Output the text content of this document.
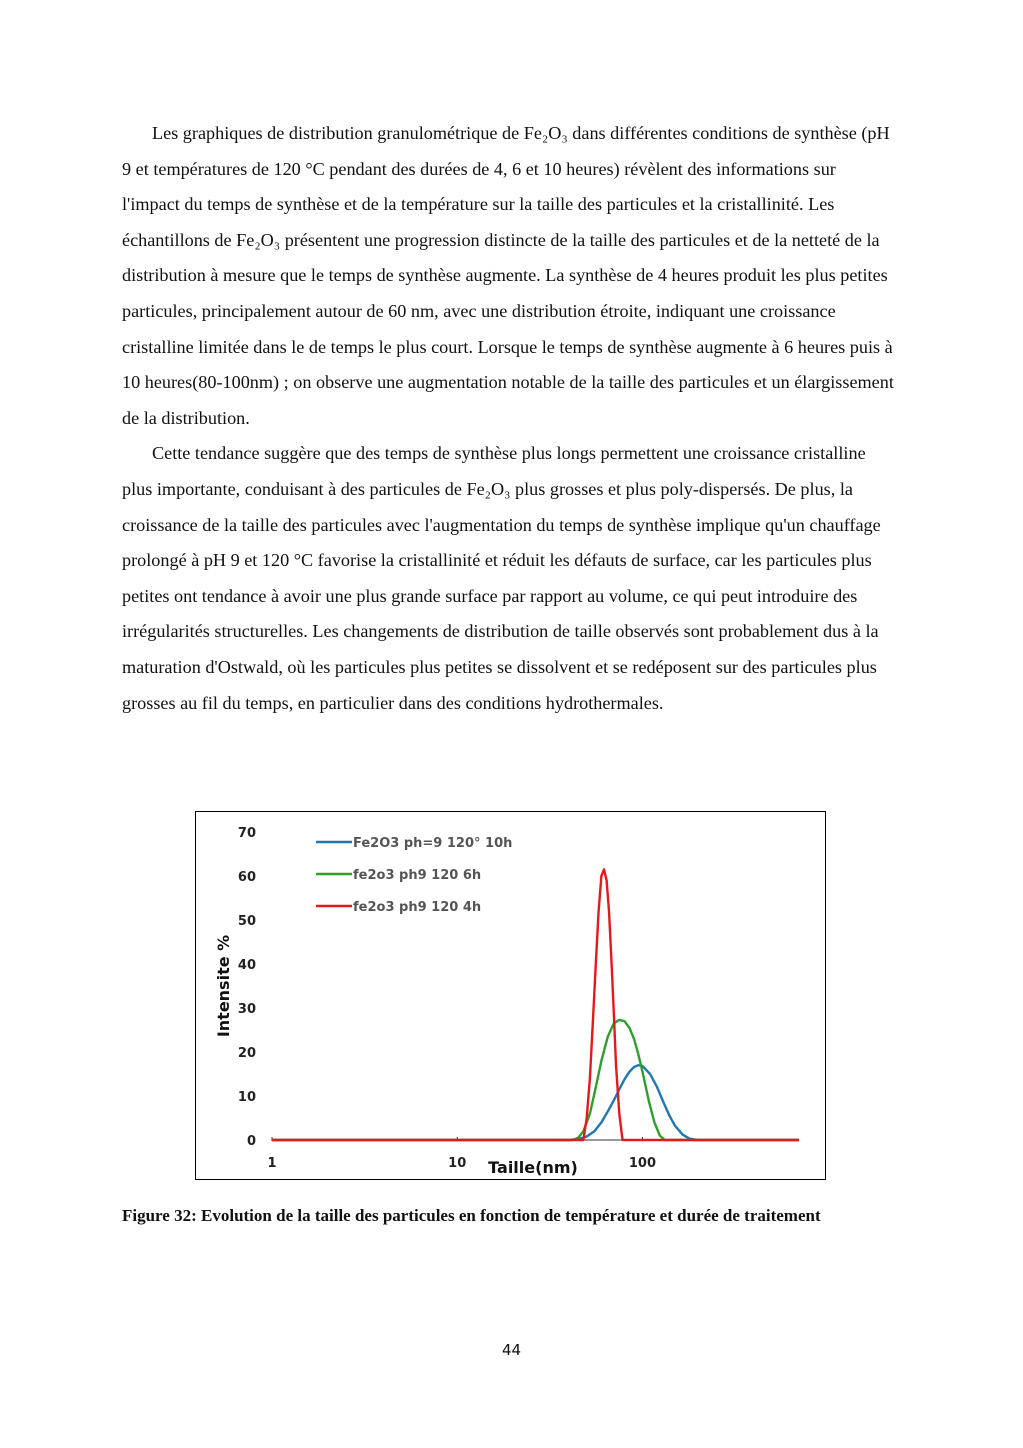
Les graphiques de distribution granulométrique de Fe₂O₃ dans différentes conditions de synthèse (pH 9 et températures de 120 °C pendant des durées de 4, 6 et 10 heures) révèlent des informations sur l'impact du temps de synthèse et de la température sur la taille des particules et la cristallinité. Les échantillons de Fe₂O₃ présentent une progression distincte de la taille des particules et de la netteté de la distribution à mesure que le temps de synthèse augmente. La synthèse de 4 heures produit les plus petites particules, principalement autour de 60 nm, avec une distribution étroite, indiquant une croissance cristalline limitée dans le de temps le plus court. Lorsque le temps de synthèse augmente à 6 heures puis à 10 heures(80-100nm) ; on observe une augmentation notable de la taille des particules et un élargissement de la distribution.

Cette tendance suggère que des temps de synthèse plus longs permettent une croissance cristalline plus importante, conduisant à des particules de Fe₂O₃ plus grosses et plus poly-dispersés. De plus, la croissance de la taille des particules avec l'augmentation du temps de synthèse implique qu'un chauffage prolongé à pH 9 et 120 °C favorise la cristallinité et réduit les défauts de surface, car les particules plus petites ont tendance à avoir une plus grande surface par rapport au volume, ce qui peut introduire des irrégularités structurelles. Les changements de distribution de taille observés sont probablement dus à la maturation d'Ostwald, où les particules plus petites se dissolvent et se redéposent sur des particules plus grosses au fil du temps, en particulier dans des conditions hydrothermales.

0
10
20
30
40
50
60
70
1	10	100
Taille(nm)
Intensite %
Fe2O3 ph=9 120° 10h
fe2o3 ph9 120 6h
fe2o3 ph9 120 4h
Figure 32: Evolution de la taille des particules en fonction de température et durée de traitement
44
